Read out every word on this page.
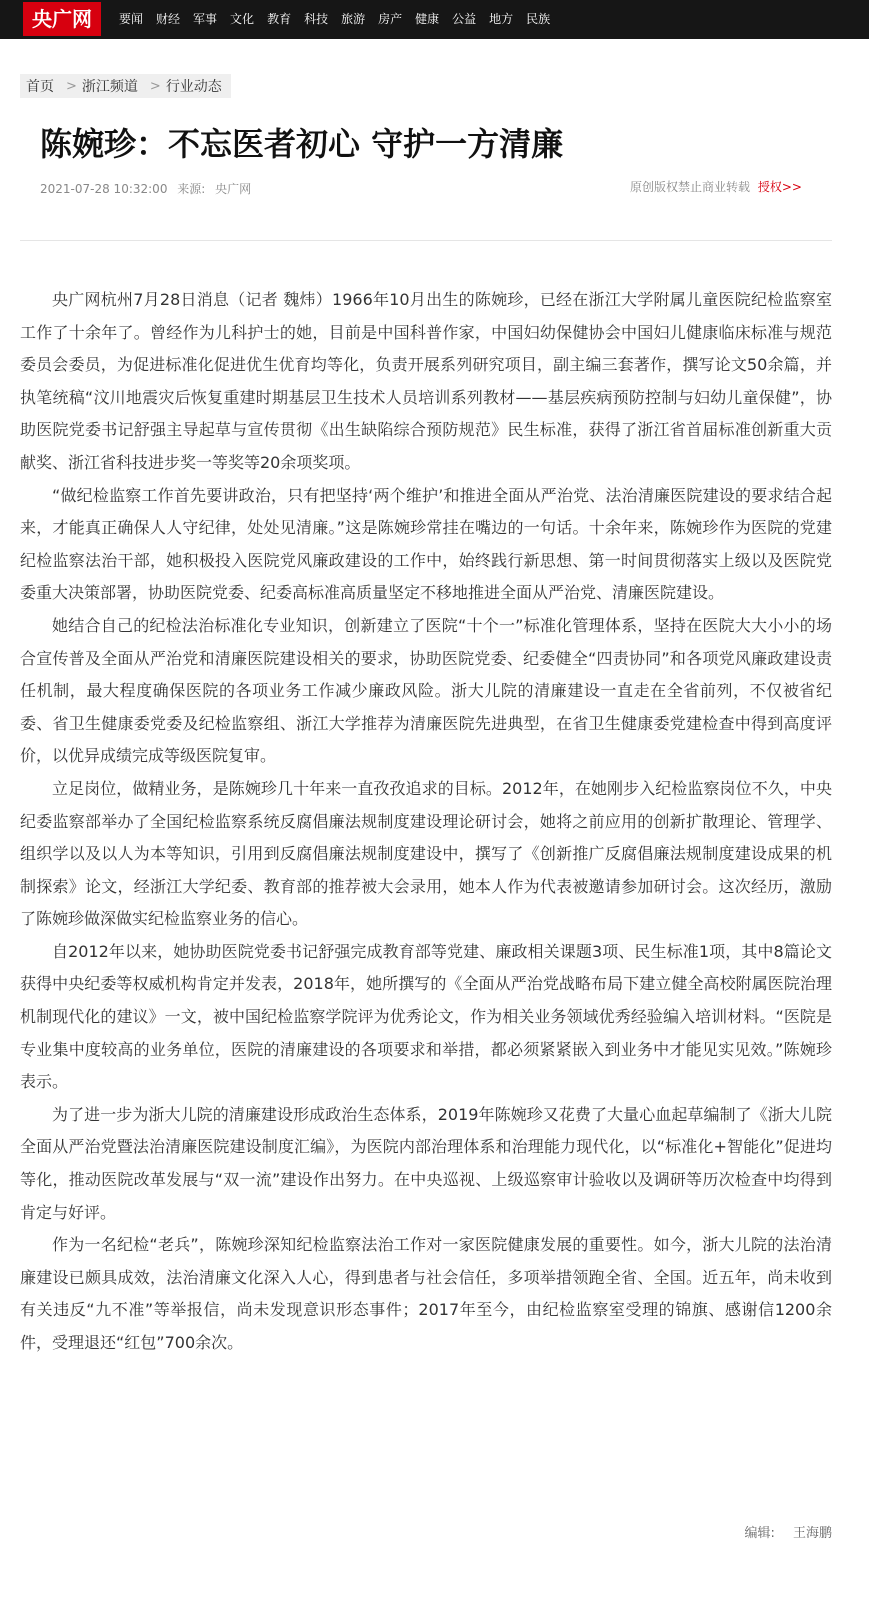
央广网	要闻 财经 军事 文化 教育 科技 旅游 房产 健康 公益 地方 民族
首页 > 浙江频道 > 行业动态
陈婉珍：不忘医者初心 守护一方清廉
2021-07-28 10:32:00 来源: 央广网	原创版权禁止商业转载 授权>>

央广网杭州7月28日消息（记者 魏炜）1966年10月出生的陈婉珍，已经在浙江大学附属儿童医院纪检监察室工作了十余年了。曾经作为儿科护士的她，目前是中国科普作家，中国妇幼保健协会中国妇儿健康临床标准与规范委员会委员，为促进标准化促进优生优育均等化，负责开展系列研究项目，副主编三套著作，撰写论文50余篇，并执笔统稿“汶川地震灾后恢复重建时期基层卫生技术人员培训系列教材——基层疾病预防控制与妇幼儿童保健”，协助医院党委书记舒强主导起草与宣传贯彻《出生缺陷综合预防规范》民生标准，获得了浙江省首届标准创新重大贡献奖、浙江省科技进步奖一等奖等20余项奖项。

“做纪检监察工作首先要讲政治，只有把坚持‘两个维护’和推进全面从严治党、法治清廉医院建设的要求结合起来，才能真正确保人人守纪律，处处见清廉。”这是陈婉珍常挂在嘴边的一句话。十余年来，陈婉珍作为医院的党建纪检监察法治干部，她积极投入医院党风廉政建设的工作中，始终践行新思想、第一时间贯彻落实上级以及医院党委重大决策部署，协助医院党委、纪委高标准高质量坚定不移地推进全面从严治党、清廉医院建设。

她结合自己的纪检法治标准化专业知识，创新建立了医院“十个一”标准化管理体系，坚持在医院大大小小的场合宣传普及全面从严治党和清廉医院建设相关的要求，协助医院党委、纪委健全“四责协同”和各项党风廉政建设责任机制，最大程度确保医院的各项业务工作减少廉政风险。浙大儿院的清廉建设一直走在全省前列，不仅被省纪委、省卫生健康委党委及纪检监察组、浙江大学推荐为清廉医院先进典型，在省卫生健康委党建检查中得到高度评价，以优异成绩完成等级医院复审。

立足岗位，做精业务，是陈婉珍几十年来一直孜孜追求的目标。2012年，在她刚步入纪检监察岗位不久，中央纪委监察部举办了全国纪检监察系统反腐倡廉法规制度建设理论研讨会，她将之前应用的创新扩散理论、管理学、组织学以及以人为本等知识，引用到反腐倡廉法规制度建设中，撰写了《创新推广反腐倡廉法规制度建设成果的机制探索》论文，经浙江大学纪委、教育部的推荐被大会录用，她本人作为代表被邀请参加研讨会。这次经历，激励了陈婉珍做深做实纪检监察业务的信心。

自2012年以来，她协助医院党委书记舒强完成教育部等党建、廉政相关课题3项、民生标准1项，其中8篇论文获得中央纪委等权威机构肯定并发表，2018年，她所撰写的《全面从严治党战略布局下建立健全高校附属医院治理机制现代化的建议》一文，被中国纪检监察学院评为优秀论文，作为相关业务领域优秀经验编入培训材料。“医院是专业集中度较高的业务单位，医院的清廉建设的各项要求和举措，都必须紧紧嵌入到业务中才能见实见效。”陈婉珍表示。

为了进一步为浙大儿院的清廉建设形成政治生态体系，2019年陈婉珍又花费了大量心血起草编制了《浙大儿院全面从严治党暨法治清廉医院建设制度汇编》，为医院内部治理体系和治理能力现代化，以“标准化+智能化”促进均等化，推动医院改革发展与“双一流”建设作出努力。在中央巡视、上级巡察审计验收以及调研等历次检查中均得到肯定与好评。

作为一名纪检“老兵”，陈婉珍深知纪检监察法治工作对一家医院健康发展的重要性。如今，浙大儿院的法治清廉建设已颇具成效，法治清廉文化深入人心，得到患者与社会信任，多项举措领跑全省、全国。近五年，尚未收到有关违反“九不准”等举报信，尚未发现意识形态事件；2017年至今，由纪检监察室受理的锦旗、感谢信1200余件，受理退还“红包”700余次。

编辑: 王海鹏
